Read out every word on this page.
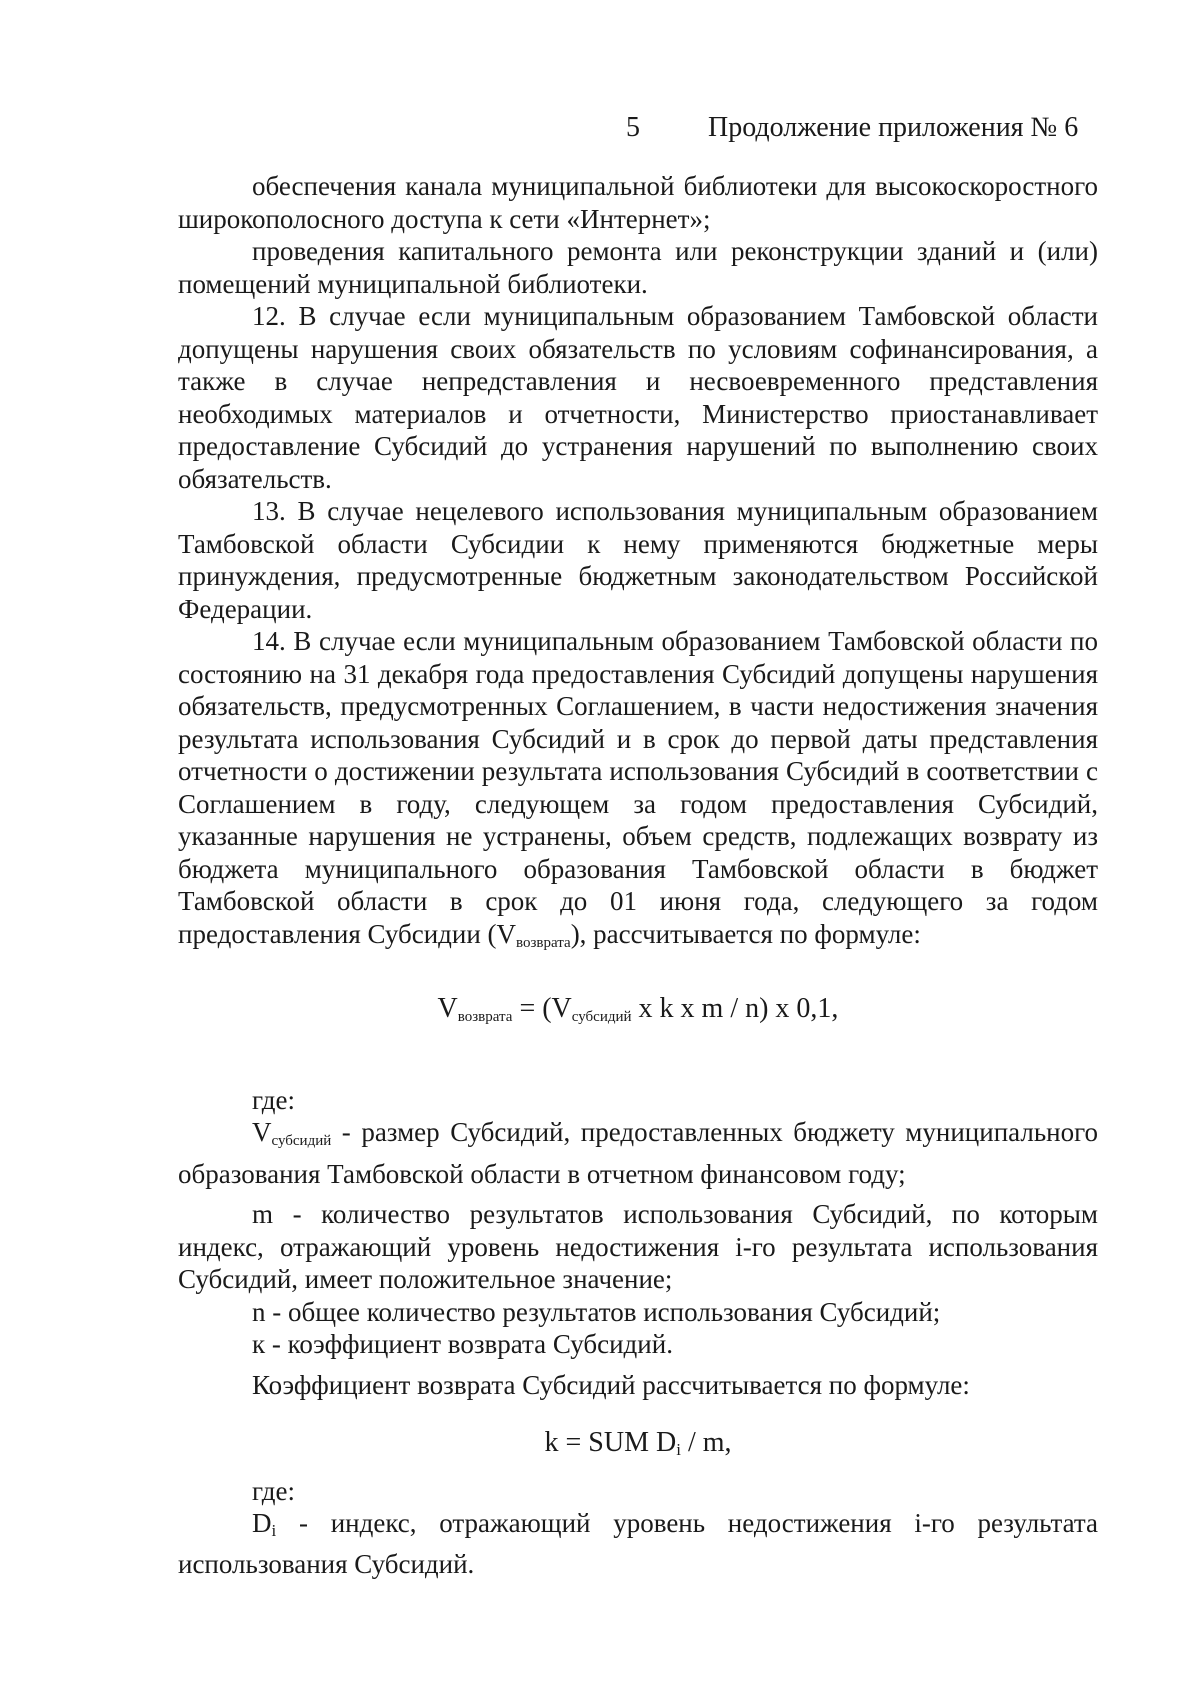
5 Продолжение приложения № 6

обеспечения канала муниципальной библиотеки для высокоскоростного широкополосного доступа к сети «Интернет»;

проведения капитального ремонта или реконструкции зданий и (или) помещений муниципальной библиотеки.

12. В случае если муниципальным образованием Тамбовской области допущены нарушения своих обязательств по условиям софинансирования, а также в случае непредставления и несвоевременного представления необходимых материалов и отчетности, Министерство приостанавливает предоставление Субсидий до устранения нарушений по выполнению своих обязательств.

13. В случае нецелевого использования муниципальным образованием Тамбовской области Субсидии к нему применяются бюджетные меры принуждения, предусмотренные бюджетным законодательством Российской Федерации.

14. В случае если муниципальным образованием Тамбовской области по состоянию на 31 декабря года предоставления Субсидий допущены нарушения обязательств, предусмотренных Соглашением, в части недостижения значения результата использования Субсидий и в срок до первой даты представления отчетности о достижении результата использования Субсидий в соответствии с Соглашением в году, следующем за годом предоставления Субсидий, указанные нарушения не устранены, объем средств, подлежащих возврату из бюджета муниципального образования Тамбовской области в бюджет Тамбовской области в срок до 01 июня года, следующего за годом предоставления Субсидии $(V_{возврата})$, рассчитывается по формуле:

$V_{возврата} = (V_{субсидий}$ x k x m / n) x 0,1,

где:

$V_{субсидий}$ - размер Субсидий, предоставленных бюджету муниципального образования Тамбовской области в отчетном финансовом году;

m - количество результатов использования Субсидий, по которым индекс, отражающий уровень недостижения i-го результата использования Субсидий, имеет положительное значение;

n - общее количество результатов использования Субсидий;

к - коэффициент возврата Субсидий.

Коэффициент возврата Субсидий рассчитывается по формуле:

k = SUM Di / m,

где:

Di - индекс, отражающий уровень недостижения i-го результата использования Субсидий.
